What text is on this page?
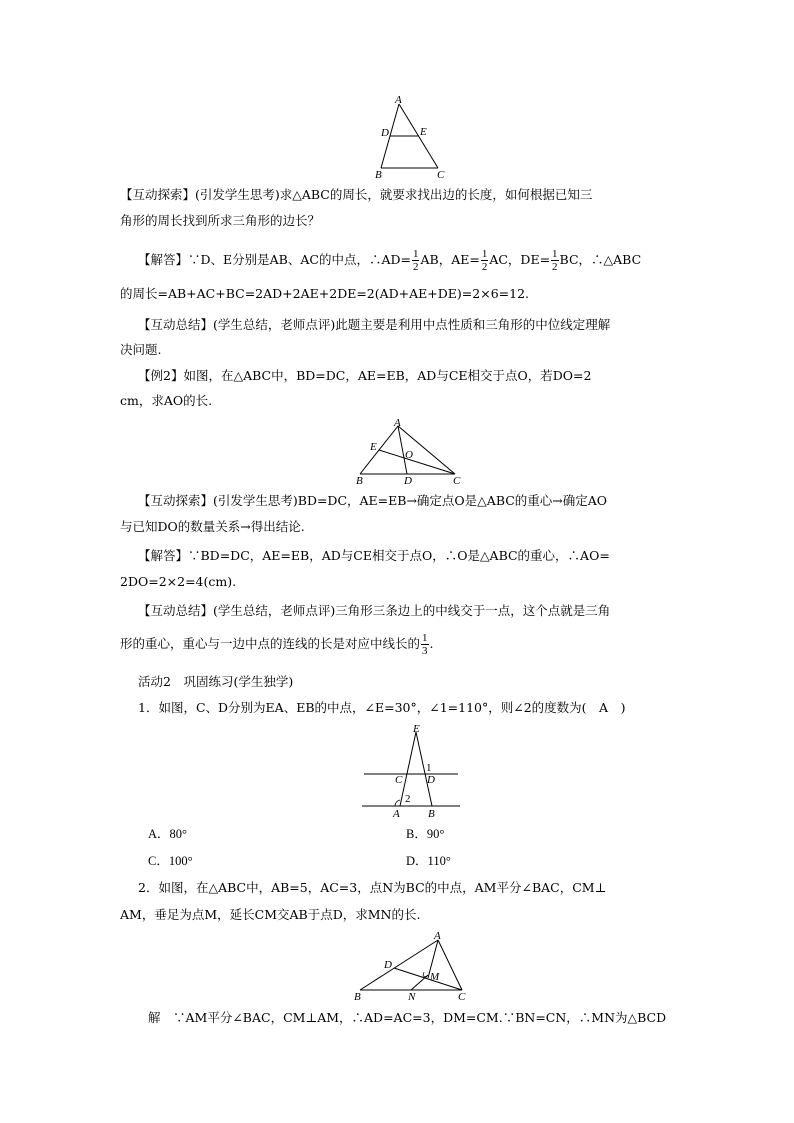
A
D	E
B	C
【互动探索】(引发学生思考)求△ABC的周长，就要求找出边的长度，如何根据已知三
角形的周长找到所求三角形的边长？
【解答】∵D、E分别是AB、AC的中点，∴AD= $\frac{1}{2}$ AB，$AE= \frac{1}{2}$ AC，$DE= \frac{1}{2}$ BC，∴△ABC
的周长=AB+AC+BC=2AD+2AE+2DE=2(AD+AE+DE)=2×6=12.
【互动总结】(学生总结，老师点评)此题主要是利用中点性质和三角形的中位线定理解
决问题.
【例2】如图，在△ABC中，BD=DC，AE=EB，AD与CE相交于点O，若DO=2
cm，求AO的长.
A
E
O
B	D	C
【互动探索】(引发学生思考)BD=DC，AE=EB→确定点O是△ABC的重心→确定AO
与已知DO的数量关系→得出结论.
【解答】∵BD=DC，AE=EB，AD与CE相交于点O，∴O是△ABC的重心，∴AO=
2DO=2×2=4(cm).
【互动总结】(学生总结，老师点评)三角形三条边上的中线交于一点，这个点就是三角
形的重心，重心与一边中点的连线的长是对应中线长的 $\frac{1}{3}$ .
活动2　巩固练习(学生独学)
1．如图，C、D分别为EA、EB的中点，∠E=30°，∠1=110°，则∠2的度数为(　A　)
E
C D
1
2
A	B
A．80°	B．90°
C．100°	D．110°
2．如图，在△ABC中，AB=5，AC=3，点N为BC的中点，AM平分∠BAC，CM⊥
AM，垂足为点M，延长CM交AB于点D，求MN的长.
A
D
M
B	N	C
解　∵AM平分∠BAC，CM⊥AM，∴AD=AC=3，DM=CM.∵BN=CN，∴MN为△BCD
